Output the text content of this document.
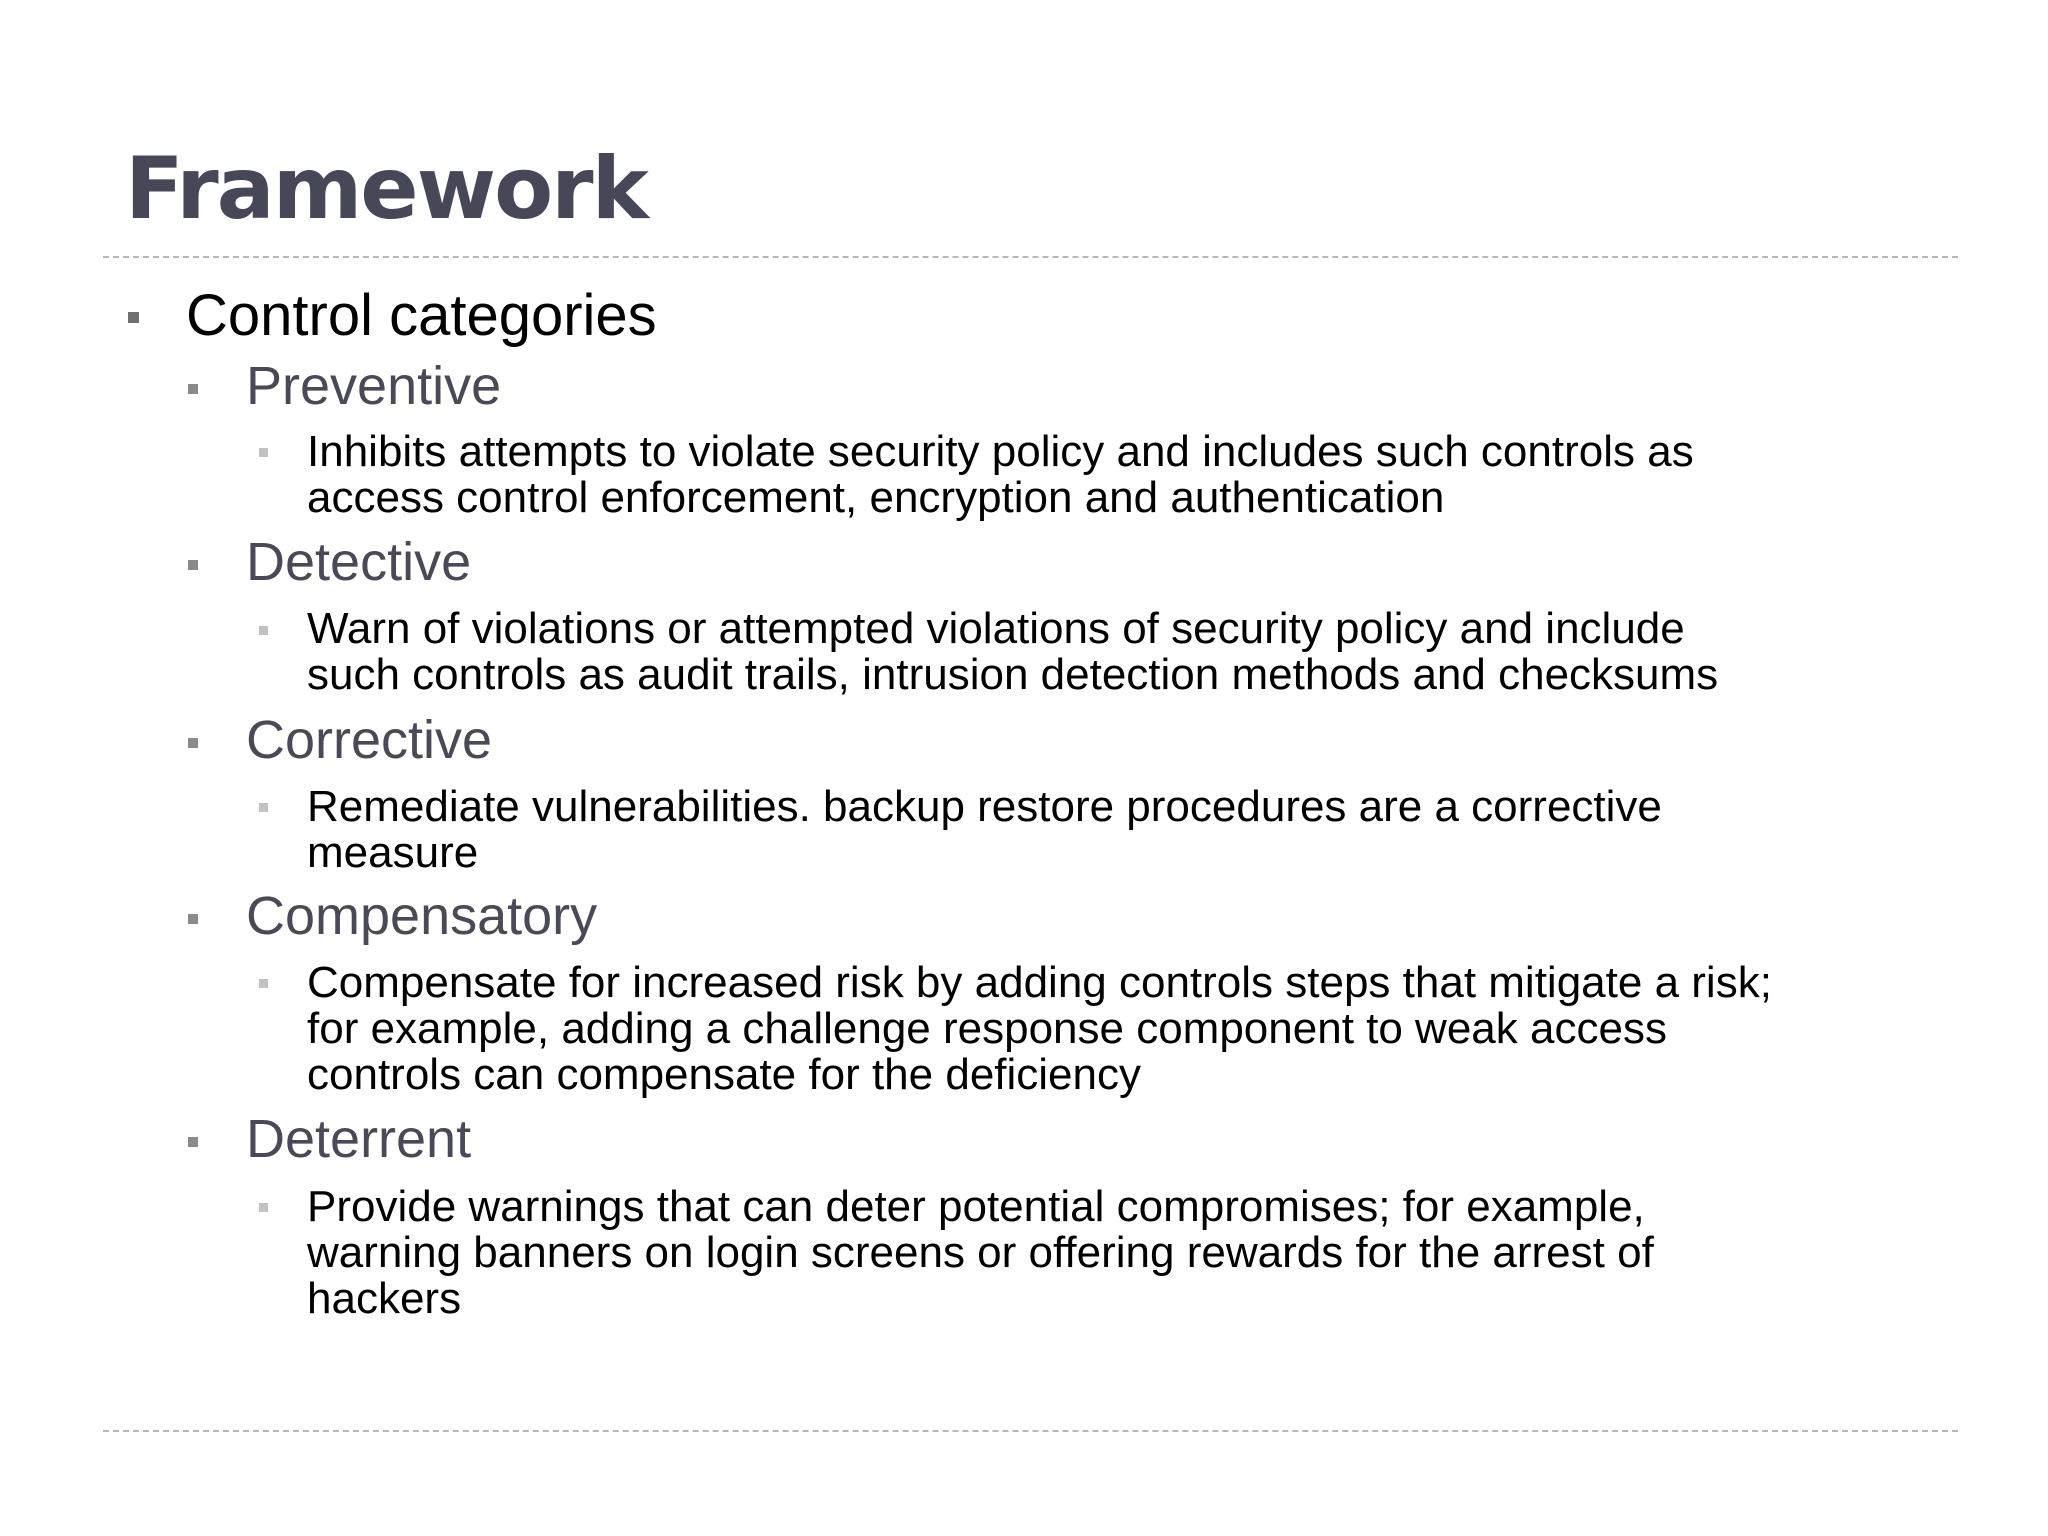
Framework
Control categories
Preventive
Inhibits attempts to violate security policy and includes such controls as
access control enforcement, encryption and authentication
Detective
Warn of violations or attempted violations of security policy and include
such controls as audit trails, intrusion detection methods and checksums
Corrective
Remediate vulnerabilities. backup restore procedures are a corrective
measure
Compensatory
Compensate for increased risk by adding controls steps that mitigate a risk;
for example, adding a challenge response component to weak access
controls can compensate for the deficiency
Deterrent
Provide warnings that can deter potential compromises; for example,
warning banners on login screens or offering rewards for the arrest of
hackers
